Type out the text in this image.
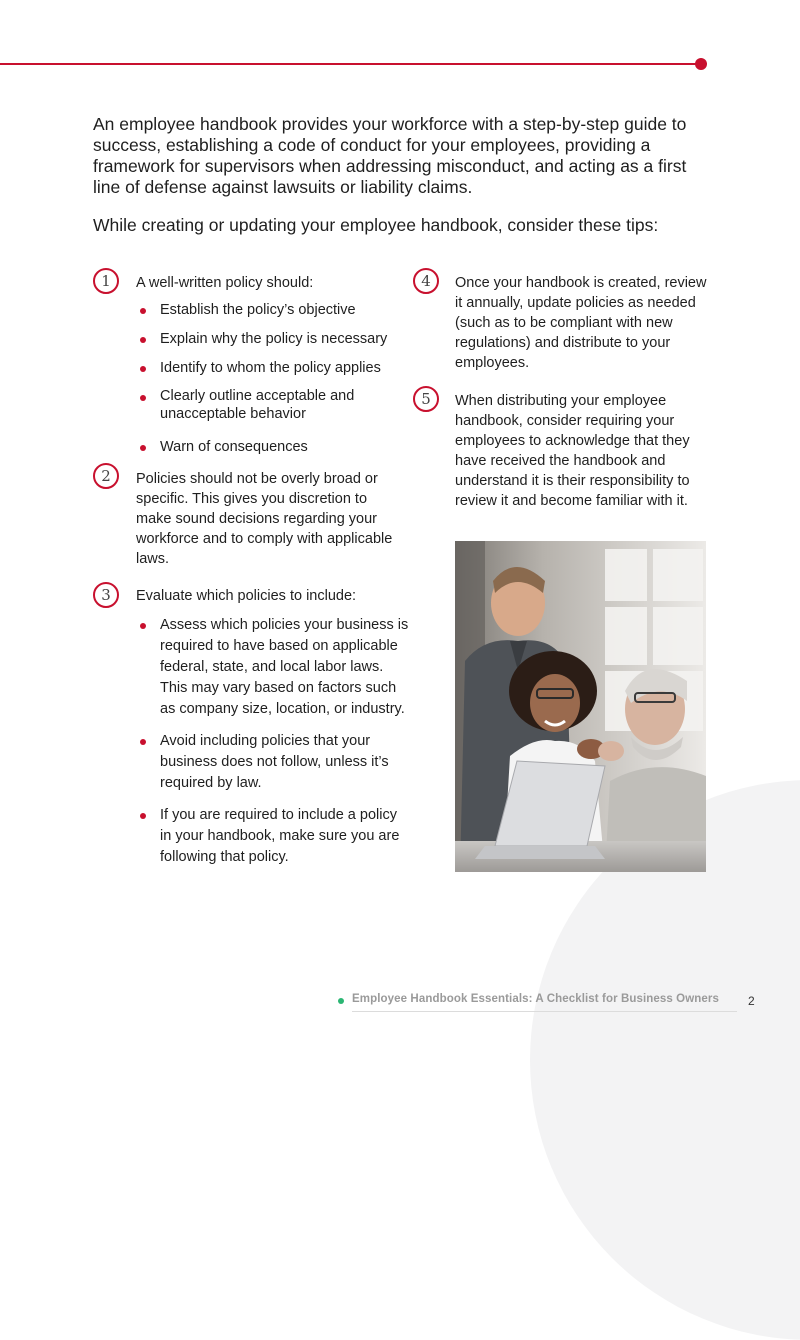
An employee handbook provides your workforce with a step-by-step guide to success, establishing a code of conduct for your employees, providing a framework for supervisors when addressing misconduct, and acting as a first line of defense against lawsuits or liability claims.

While creating or updating your employee handbook, consider these tips:

1	A well-written policy should:

Establish the policy’s objective

Explain why the policy is necessary

Identify to whom the policy applies

Clearly outline acceptable and unacceptable behavior

Warn of consequences

2	Policies should not be overly broad or specific. This gives you discretion to make sound decisions regarding your workforce and to comply with applicable laws.

3	Evaluate which policies to include:

Assess which policies your business is required to have based on applicable federal, state, and local labor laws. This may vary based on factors such as company size, location, or industry.

Avoid including policies that your business does not follow, unless it’s required by law.

If you are required to include a policy in your handbook, make sure you are following that policy.

4	Once your handbook is created, review it annually, update policies as needed (such as to be compliant with new regulations) and distribute to your employees.

5	When distributing your employee handbook, consider requiring your employees to acknowledge that they have received the handbook and understand it is their responsibility to review it and become familiar with it.

Employee Handbook Essentials: A Checklist for Business Owners 2
